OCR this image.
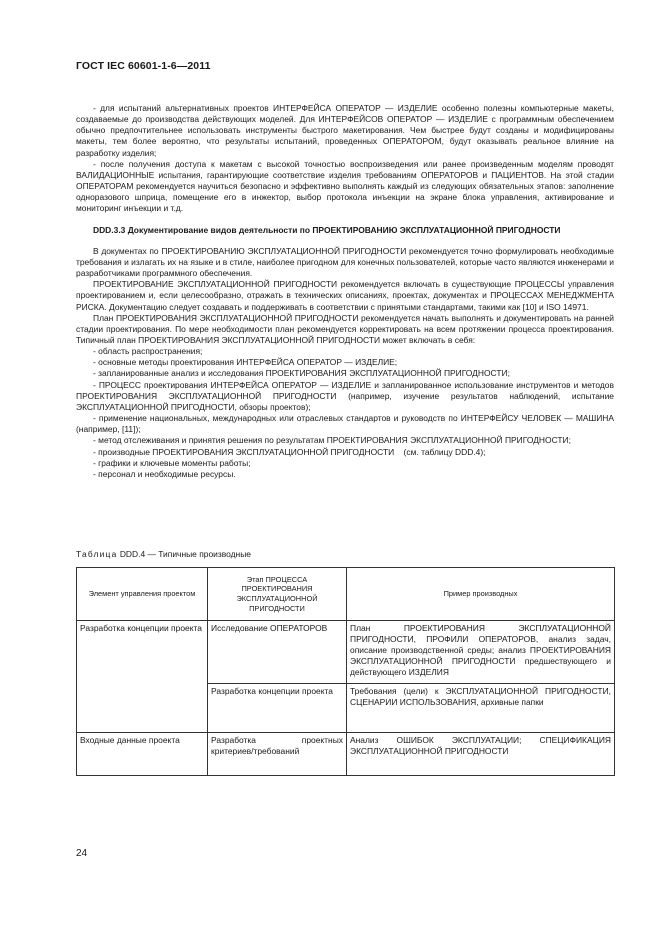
ГОСТ IEC 60601-1-6—2011

- для испытаний альтернативных проектов ИНТЕРФЕЙСА ОПЕРАТОР — ИЗДЕЛИЕ особенно полезны компьютерные макеты, создаваемые до производства действующих моделей. Для ИНТЕРФЕЙСОВ ОПЕРАТОР — ИЗДЕЛИЕ с программным обеспечением обычно предпочтительнее использовать инструменты быстрого макетирования. Чем быстрее будут созданы и модифицированы макеты, тем более вероятно, что результаты испытаний, проведенных ОПЕРАТОРОМ, будут оказывать реальное влияние на разработку изделия;

- после получения доступа к макетам с высокой точностью воспроизведения или ранее произведенным моделям проводят ВАЛИДАЦИОННЫЕ испытания, гарантирующие соответствие изделия требованиям ОПЕРАТОРОВ и ПАЦИЕНТОВ. На этой стадии ОПЕРАТОРАМ рекомендуется научиться безопасно и эффективно выполнять каждый из следующих обязательных этапов: заполнение одноразового шприца, помещение его в инжектор, выбор протокола инъекции на экране блока управления, активирование и мониторинг инъекции и т.д.

DDD.3.3 Документирование видов деятельности по ПРОЕКТИРОВАНИЮ ЭКСПЛУАТАЦИОННОЙ ПРИГОДНОСТИ

В документах по ПРОЕКТИРОВАНИЮ ЭКСПЛУАТАЦИОННОЙ ПРИГОДНОСТИ рекомендуется точно формулировать необходимые требования и излагать их на языке и в стиле, наиболее пригодном для конечных пользователей, которые часто являются инженерами и разработчиками программного обеспечения.

ПРОЕКТИРОВАНИЕ ЭКСПЛУАТАЦИОННОЙ ПРИГОДНОСТИ рекомендуется включать в существующие ПРОЦЕССЫ управления проектированием и, если целесообразно, отражать в технических описаниях, проектах, документах и ПРОЦЕССАХ МЕНЕДЖМЕНТА РИСКА. Документацию следует создавать и поддерживать в соответствии с принятыми стандартами, такими как [10] и ISO 14971.

План ПРОЕКТИРОВАНИЯ ЭКСПЛУАТАЦИОННОЙ ПРИГОДНОСТИ рекомендуется начать выполнять и документировать на ранней стадии проектирования. По мере необходимости план рекомендуется корректировать на всем протяжении процесса проектирования. Типичный план ПРОЕКТИРОВАНИЯ ЭКСПЛУАТАЦИОННОЙ ПРИГОДНОСТИ может включать в себя:

- область распространения;

- основные методы проектирования ИНТЕРФЕЙСА ОПЕРАТОР — ИЗДЕЛИЕ;

- запланированные анализ и исследования ПРОЕКТИРОВАНИЯ ЭКСПЛУАТАЦИОННОЙ ПРИГОДНОСТИ;

- ПРОЦЕСС проектирования ИНТЕРФЕЙСА ОПЕРАТОР — ИЗДЕЛИЕ и запланированное использование инструментов и методов ПРОЕКТИРОВАНИЯ ЭКСПЛУАТАЦИОННОЙ ПРИГОДНОСТИ (например, изучение результатов наблюдений, испытание ЭКСПЛУАТАЦИОННОЙ ПРИГОДНОСТИ, обзоры проектов);

- применение национальных, международных или отраслевых стандартов и руководств по ИНТЕРФЕЙСУ ЧЕЛОВЕК — МАШИНА (например, [11]);

- метод отслеживания и принятия решения по результатам ПРОЕКТИРОВАНИЯ ЭКСПЛУАТАЦИОННОЙ ПРИГОДНОСТИ;

- производные ПРОЕКТИРОВАНИЯ ЭКСПЛУАТАЦИОННОЙ ПРИГОДНОСТИ    (см. таблицу DDD.4);

- графики и ключевые моменты работы;

- персонал и необходимые ресурсы.

Таблица DDD.4 — Типичные производные
Элемент управления проектом	Этап ПРОЦЕССА ПРОЕКТИРОВАНИЯ ЭКСПЛУАТАЦИОННОЙ ПРИГОДНОСТИ	Пример производных
Разработка концепции проекта	Исследование ОПЕРАТОРОВ	План ПРОЕКТИРОВАНИЯ ЭКСПЛУАТАЦИОННОЙ ПРИГОДНОСТИ, ПРОФИЛИ ОПЕРАТОРОВ, анализ задач, описание производственной среды; анализ ПРОЕКТИРОВАНИЯ ЭКСПЛУАТАЦИОННОЙ ПРИГОДНОСТИ предшествующего и действующего ИЗДЕЛИЯ
	Разработка концепции проекта	Требования (цели) к ЭКСПЛУАТАЦИОННОЙ ПРИГОДНОСТИ, СЦЕНАРИИ ИСПОЛЬЗОВАНИЯ, архивные папки
Входные данные проекта	Разработка проектных критериев/требований	Анализ ОШИБОК ЭКСПЛУАТАЦИИ; СПЕЦИФИКАЦИЯ ЭКСПЛУАТАЦИОННОЙ ПРИГОДНОСТИ
24
